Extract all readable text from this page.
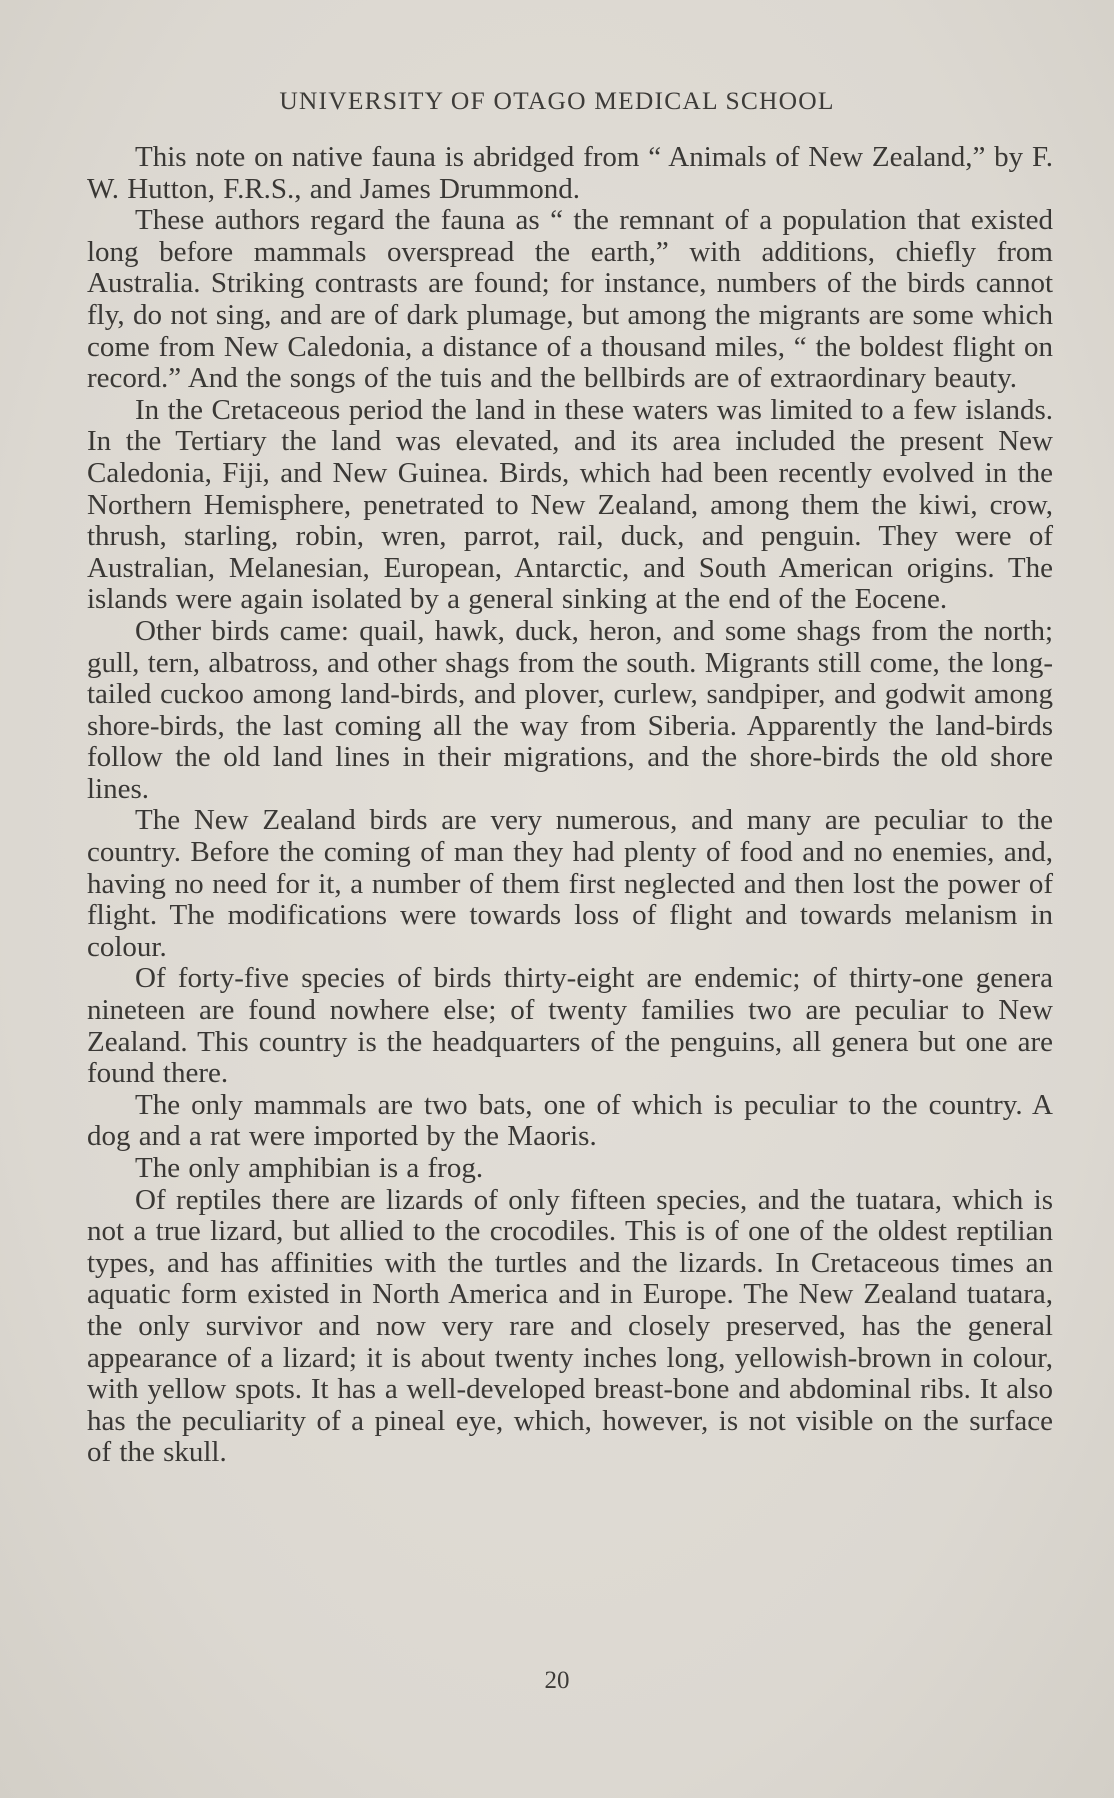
UNIVERSITY OF OTAGO MEDICAL SCHOOL

This note on native fauna is abridged from “ Animals of New Zealand,” by F. W. Hutton, F.R.S., and James Drummond.

These authors regard the fauna as “ the remnant of a population that existed long before mammals overspread the earth,” with additions, chiefly from Australia. Striking contrasts are found; for instance, numbers of the birds cannot fly, do not sing, and are of dark plumage, but among the migrants are some which come from New Caledonia, a distance of a thousand miles, “ the boldest flight on record.” And the songs of the tuis and the bellbirds are of extraordinary beauty.

In the Cretaceous period the land in these waters was limited to a few islands. In the Tertiary the land was elevated, and its area included the present New Caledonia, Fiji, and New Guinea. Birds, which had been recently evolved in the Northern Hemisphere, penetrated to New Zealand, among them the kiwi, crow, thrush, starling, robin, wren, parrot, rail, duck, and penguin. They were of Australian, Melanesian, European, Antarctic, and South American origins. The islands were again isolated by a general sinking at the end of the Eocene.

Other birds came: quail, hawk, duck, heron, and some shags from the north; gull, tern, albatross, and other shags from the south. Migrants still come, the long-tailed cuckoo among land-birds, and plover, curlew, sandpiper, and godwit among shore-birds, the last coming all the way from Siberia. Apparently the land-birds follow the old land lines in their migrations, and the shore-birds the old shore lines.

The New Zealand birds are very numerous, and many are peculiar to the country. Before the coming of man they had plenty of food and no enemies, and, having no need for it, a number of them first neglected and then lost the power of flight. The modifications were towards loss of flight and towards melanism in colour.

Of forty-five species of birds thirty-eight are endemic; of thirty-one genera nineteen are found nowhere else; of twenty families two are peculiar to New Zealand. This country is the headquarters of the penguins, all genera but one are found there.

The only mammals are two bats, one of which is peculiar to the country. A dog and a rat were imported by the Maoris.

The only amphibian is a frog.

Of reptiles there are lizards of only fifteen species, and the tuatara, which is not a true lizard, but allied to the crocodiles. This is of one of the oldest reptilian types, and has affinities with the turtles and the lizards. In Cretaceous times an aquatic form existed in North America and in Europe. The New Zealand tuatara, the only survivor and now very rare and closely preserved, has the general appearance of a lizard; it is about twenty inches long, yellowish-brown in colour, with yellow spots. It has a well-developed breast-bone and abdominal ribs. It also has the peculiarity of a pineal eye, which, however, is not visible on the surface of the skull.

20
